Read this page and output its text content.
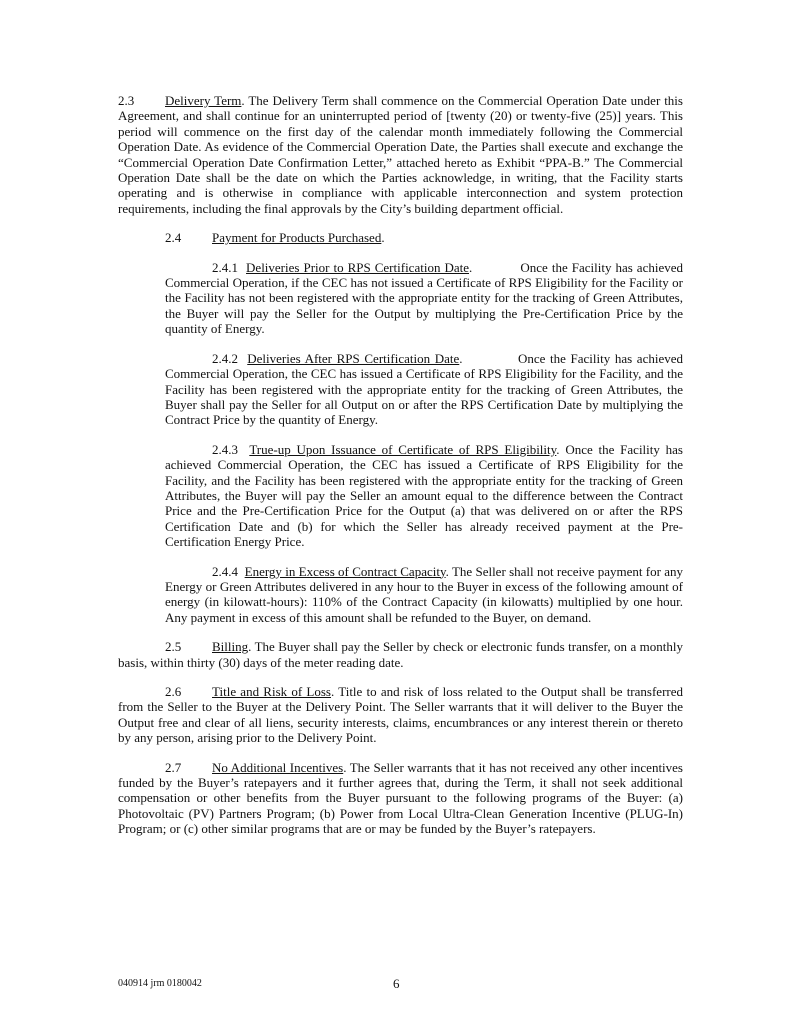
2.3 Delivery Term. The Delivery Term shall commence on the Commercial Operation Date under this Agreement, and shall continue for an uninterrupted period of [twenty (20) or twenty-five (25)] years. This period will commence on the first day of the calendar month immediately following the Commercial Operation Date. As evidence of the Commercial Operation Date, the Parties shall execute and exchange the “Commercial Operation Date Confirmation Letter,” attached hereto as Exhibit “PPA-B.” The Commercial Operation Date shall be the date on which the Parties acknowledge, in writing, that the Facility starts operating and is otherwise in compliance with applicable interconnection and system protection requirements, including the final approvals by the City’s building department official.
2.4 Payment for Products Purchased.
2.4.1 Deliveries Prior to RPS Certification Date.            Once the Facility has achieved Commercial Operation, if the CEC has not issued a Certificate of RPS Eligibility for the Facility or the Facility has not been registered with the appropriate entity for the tracking of Green Attributes, the Buyer will pay the Seller for the Output by multiplying the Pre-Certification Price by the quantity of Energy.
2.4.2 Deliveries After RPS Certification Date.            Once the Facility has achieved Commercial Operation, the CEC has issued a Certificate of RPS Eligibility for the Facility, and the Facility has been registered with the appropriate entity for the tracking of Green Attributes, the Buyer shall pay the Seller for all Output on or after the RPS Certification Date by multiplying the Contract Price by the quantity of Energy.
2.4.3 True-up Upon Issuance of Certificate of RPS Eligibility. Once the Facility has achieved Commercial Operation, the CEC has issued a Certificate of RPS Eligibility for the Facility, and the Facility has been registered with the appropriate entity for the tracking of Green Attributes, the Buyer will pay the Seller an amount equal to the difference between the Contract Price and the Pre-Certification Price for the Output (a) that was delivered on or after the RPS Certification Date and (b) for which the Seller has already received payment at the Pre-Certification Energy Price.
2.4.4 Energy in Excess of Contract Capacity. The Seller shall not receive payment for any Energy or Green Attributes delivered in any hour to the Buyer in excess of the following amount of energy (in kilowatt-hours): 110% of the Contract Capacity (in kilowatts) multiplied by one hour. Any payment in excess of this amount shall be refunded to the Buyer, on demand.
2.5 Billing. The Buyer shall pay the Seller by check or electronic funds transfer, on a monthly basis, within thirty (30) days of the meter reading date.
2.6 Title and Risk of Loss. Title to and risk of loss related to the Output shall be transferred from the Seller to the Buyer at the Delivery Point. The Seller warrants that it will deliver to the Buyer the Output free and clear of all liens, security interests, claims, encumbrances or any interest therein or thereto by any person, arising prior to the Delivery Point.
2.7 No Additional Incentives. The Seller warrants that it has not received any other incentives funded by the Buyer’s ratepayers and it further agrees that, during the Term, it shall not seek additional compensation or other benefits from the Buyer pursuant to the following programs of the Buyer: (a) Photovoltaic (PV) Partners Program; (b) Power from Local Ultra-Clean Generation Incentive (PLUG-In) Program; or (c) other similar programs that are or may be funded by the Buyer’s ratepayers.
040914 jrm 0180042	6
